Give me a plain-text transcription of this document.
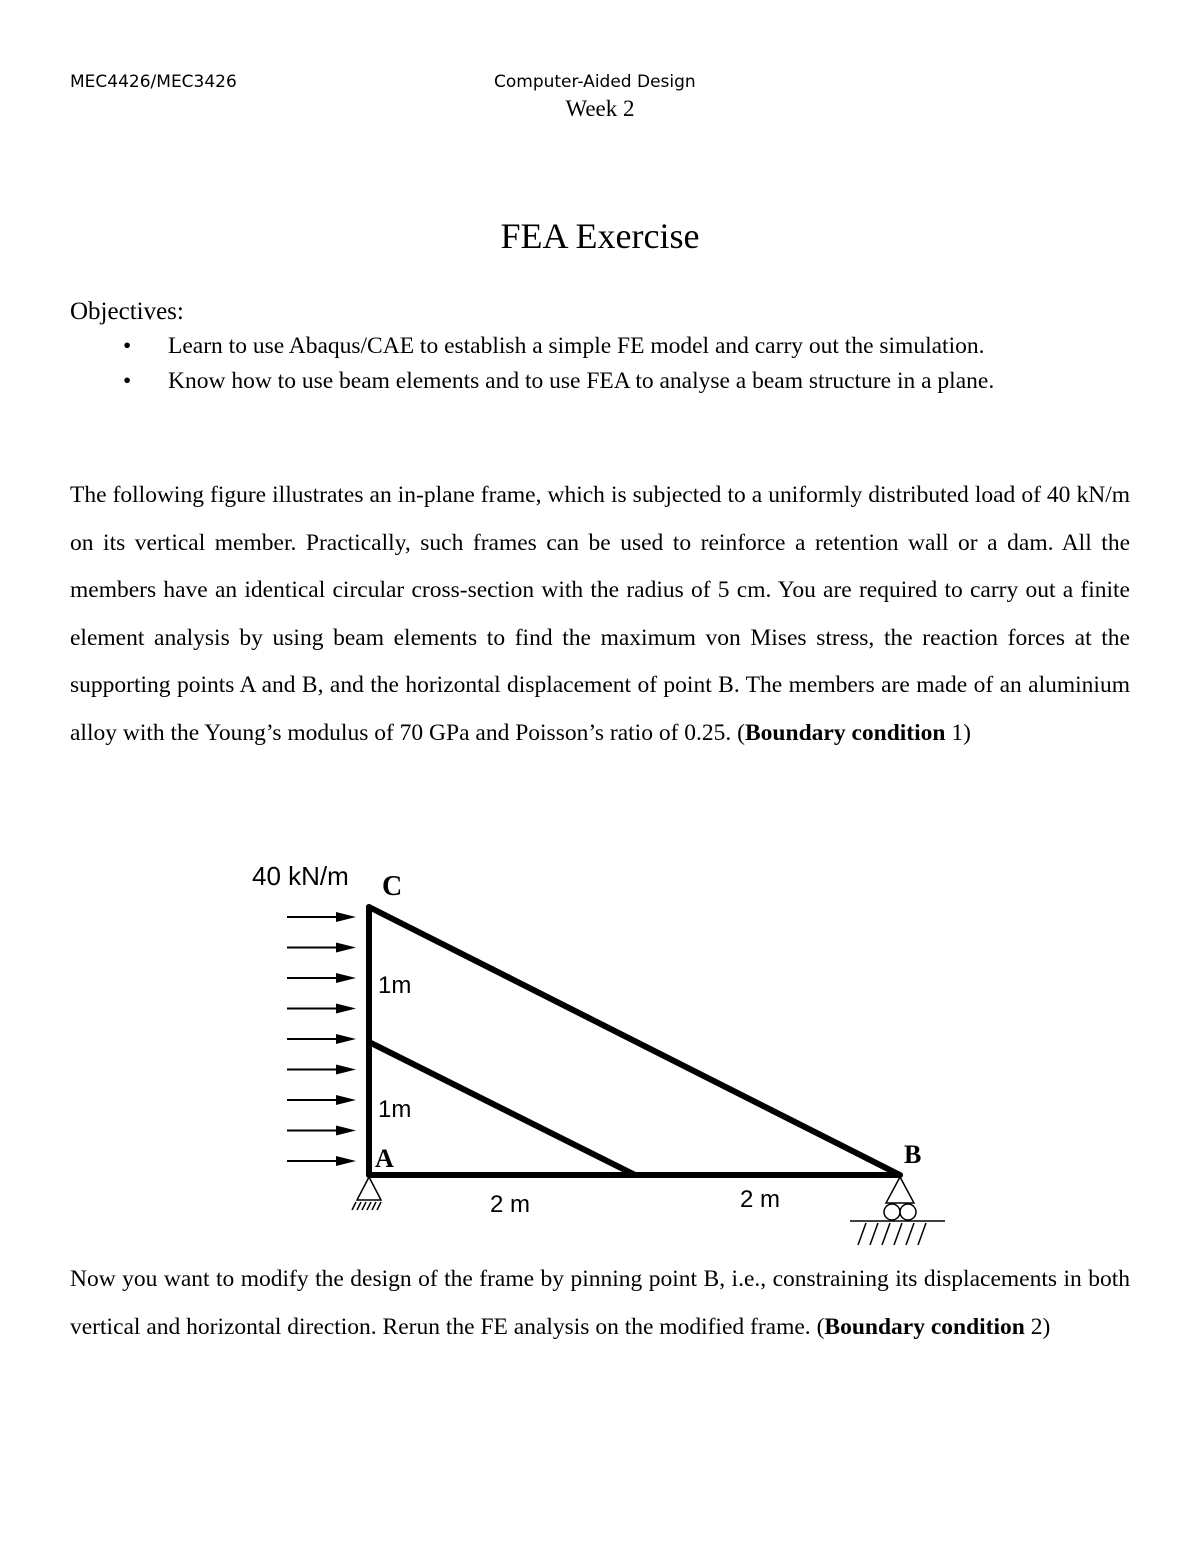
MEC4426/MEC3426	Computer-Aided Design
Week 2
FEA Exercise
Objectives:
• Learn to use Abaqus/CAE to establish a simple FE model and carry out the simulation.
• Know how to use beam elements and to use FEA to analyse a beam structure in a plane.
The following figure illustrates an in-plane frame, which is subjected to a uniformly distributed load of 40 kN/m on its vertical member. Practically, such frames can be used to reinforce a retention wall or a dam. All the members have an identical circular cross-section with the radius of 5 cm. You are required to carry out a finite element analysis by using beam elements to find the maximum von Mises stress, the reaction forces at the supporting points A and B, and the horizontal displacement of point B. The members are made of an aluminium alloy with the Young’s modulus of 70 GPa and Poisson’s ratio of 0.25. (Boundary condition 1)
40 kN/m C
A	B
1m
1m
2 m	2 m
Now you want to modify the design of the frame by pinning point B, i.e., constraining its displacements in both vertical and horizontal direction. Rerun the FE analysis on the modified frame. (Boundary condition 2)
